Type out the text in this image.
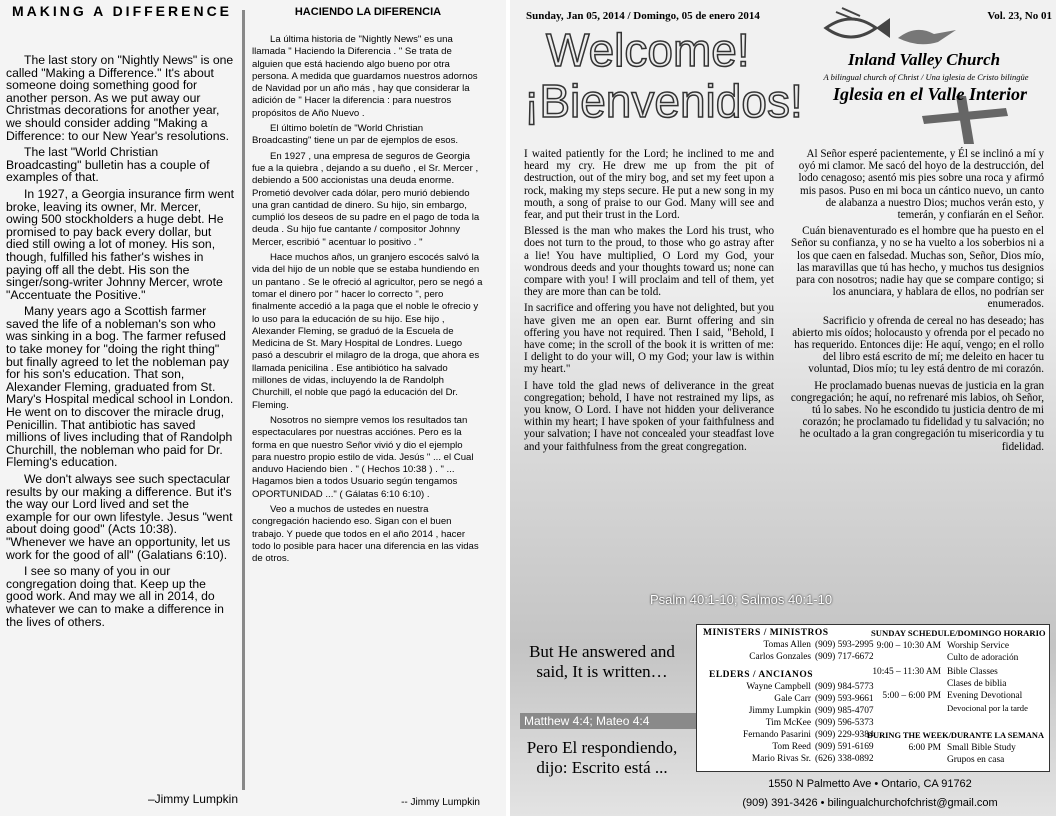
MAKING A DIFFERENCE	HACIENDO LA DIFERENCIA

The last story on "Nightly News" is one called "Making a Difference." It's about someone doing something good for another person. As we put away our Christmas decorations for another year, we should consider adding "Making a Difference: to our New Year's resolutions.

The last "World Christian Broadcasting" bulletin has a couple of examples of that.

In 1927, a Georgia insurance firm went broke, leaving its owner, Mr. Mercer, owing 500 stockholders a huge debt. He promised to pay back every dollar, but died still owing a lot of money. His son, though, fulfilled his father's wishes in paying off all the debt. His son the singer/song-writer Johnny Mercer, wrote "Accentuate the Positive."

Many years ago a Scottish farmer saved the life of a nobleman's son who was sinking in a bog. The farmer refused to take money for "doing the right thing" but finally agreed to let the nobleman pay for his son's education. That son, Alexander Fleming, graduated from St. Mary's Hospital medical school in London. He went on to discover the miracle drug, Penicillin. That antibiotic has saved millions of lives including that of Randolph Churchill, the nobleman who paid for Dr. Fleming's education.

We don't always see such spectacular results by our making a difference. But it's the way our Lord lived and set the example for our own lifestyle. Jesus "went about doing good" (Acts 10:38). "Whenever we have an opportunity, let us work for the good of all" (Galatians 6:10).

I see so many of you in our congregation doing that. Keep up the good work. And may we all in 2014, do whatever we can to make a difference in the lives of others.

–Jimmy Lumpkin

La última historia de "Nightly News" es una llamada " Haciendo la Diferencia . " Se trata de alguien que está haciendo algo bueno por otra persona. A medida que guardamos nuestros adornos de Navidad por un año más , hay que considerar la adición de " Hacer la diferencia : para nuestros propósitos de Año Nuevo .

El último boletín de "World Christian Broadcasting" tiene un par de ejemplos de esos.

En 1927 , una empresa de seguros de Georgia fue a la quiebra , dejando a su dueño , el Sr. Mercer , debiendo a 500 accionistas una deuda enorme. Prometió devolver cada dólar, pero murió debiendo una gran cantidad de dinero. Su hijo, sin embargo, cumplió los deseos de su padre en el pago de toda la deuda . Su hijo fue cantante / compositor Johnny Mercer, escribió " acentuar lo positivo . "

Hace muchos años, un granjero escocés salvó la vida del hijo de un noble que se estaba hundiendo en un pantano . Se le ofreció al agricultor, pero se negó a tomar el dinero por " hacer lo correcto ", pero finalmente accedió a la paga que el noble le ofrecio y lo uso para la educación de su hijo. Ese hijo , Alexander Fleming, se graduó de la Escuela de Medicina de St. Mary Hospital de Londres. Luego pasó a descubrir el milagro de la droga, que ahora es llamada penicilina . Ese antibiótico ha salvado millones de vidas, incluyendo la de Randolph Churchill, el noble que pagó la educación del Dr. Fleming.

Nosotros no siempre vemos los resultados tan espectaculares por nuestras acciónes. Pero es la forma en que nuestro Señor vivió y dio el ejemplo para nuestro propio estilo de vida. Jesús " ... el Cual anduvo Haciendo bien . " ( Hechos 10:38 ) . " ... Hagamos bien a todos Usuario según tengamos OPORTUNIDAD ..." ( Gálatas 6:10 6:10) .

Veo a muchos de ustedes en nuestra congregación haciendo eso. Sigan con el buen trabajo. Y puede que todos en el año 2014 , hacer todo lo posible para hacer una diferencia en las vidas de otros.

-- Jimmy Lumpkin
Sunday, Jan 05, 2014 / Domingo, 05 de enero 2014	Vol. 23, No 01
Welcome!
¡Bienvenidos!
Inland Valley Church
A bilingual church of Christ / Una iglesia de Cristo bilingüe
Iglesia en el Valle Interior

I waited patiently for the Lord; he inclined to me and heard my cry. He drew me up from the pit of destruction, out of the miry bog, and set my feet upon a rock, making my steps secure. He put a new song in my mouth, a song of praise to our God. Many will see and fear, and put their trust in the Lord.

Blessed is the man who makes the Lord his trust, who does not turn to the proud, to those who go astray after a lie! You have multiplied, O Lord my God, your wondrous deeds and your thoughts toward us; none can compare with you! I will proclaim and tell of them, yet they are more than can be told.

In sacrifice and offering you have not delighted, but you have given me an open ear. Burnt offering and sin offering you have not required. Then I said, "Behold, I have come; in the scroll of the book it is written of me: I delight to do your will, O my God; your law is within my heart."

I have told the glad news of deliverance in the great congregation; behold, I have not restrained my lips, as you know, O Lord. I have not hidden your deliverance within my heart; I have spoken of your faithfulness and your salvation; I have not concealed your steadfast love and your faithfulness from the great congregation.

Al Señor esperé pacientemente, y Él se inclinó a mí y oyó mi clamor. Me sacó del hoyo de la destrucción, del lodo cenagoso; asentó mis pies sobre una roca y afirmó mis pasos. Puso en mi boca un cántico nuevo, un canto de alabanza a nuestro Dios; muchos verán esto, y temerán, y confiarán en el Señor.

Cuán bienaventurado es el hombre que ha puesto en el Señor su confianza, y no se ha vuelto a los soberbios ni a los que caen en falsedad. Muchas son, Señor, Dios mío, las maravillas que tú has hecho, y muchos tus designios para con nosotros; nadie hay que se compare contigo; si los anunciara, y hablara de ellos, no podrían ser enumerados.

Sacrificio y ofrenda de cereal no has deseado; has abierto mis oídos; holocausto y ofrenda por el pecado no has requerido. Entonces dije: He aquí, vengo; en el rollo del libro está escrito de mí; me deleito en hacer tu voluntad, Dios mío; tu ley está dentro de mi corazón.

He proclamado buenas nuevas de justicia en la gran congregación; he aquí, no refrenaré mis labios, oh Señor, tú lo sabes. No he escondido tu justicia dentro de mi corazón; he proclamado tu fidelidad y tu salvación; no he ocultado a la gran congregación tu misericordia y tu fidelidad.

Psalm 40:1-10; Salmos 40:1-10
But He answered and said, It is written…
Matthew 4:4; Mateo 4:4
Pero El respondiendo, dijo: Escrito está ...
MINISTERS / MINISTROS
Tomas Allen (909) 593-2995
Carlos Gonzales (909) 717-6672
ELDERS / ANCIANOS
Wayne Campbell (909) 984-5773
Gale Carr (909) 593-9661
Jimmy Lumpkin (909) 985-4707
Tim McKee (909) 596-5373
Fernando Pasarini (909) 229-9384
Tom Reed (909) 591-6169
Mario Rivas Sr. (626) 338-0892
SUNDAY SCHEDULE/DOMINGO HORARIO
9:00 – 10:30 AM Worship Service
Culto de adoración
10:45 – 11:30 AM Bible Classes
Clases de biblia
5:00 – 6:00 PM Evening Devotional
Devocional por la tarde
DURING THE WEEK/DURANTE LA SEMANA
6:00 PM Small Bible Study
Grupos en casa
1550 N Palmetto Ave • Ontario, CA 91762
(909) 391-3426 • bilingualchurchofchrist@gmail.com
